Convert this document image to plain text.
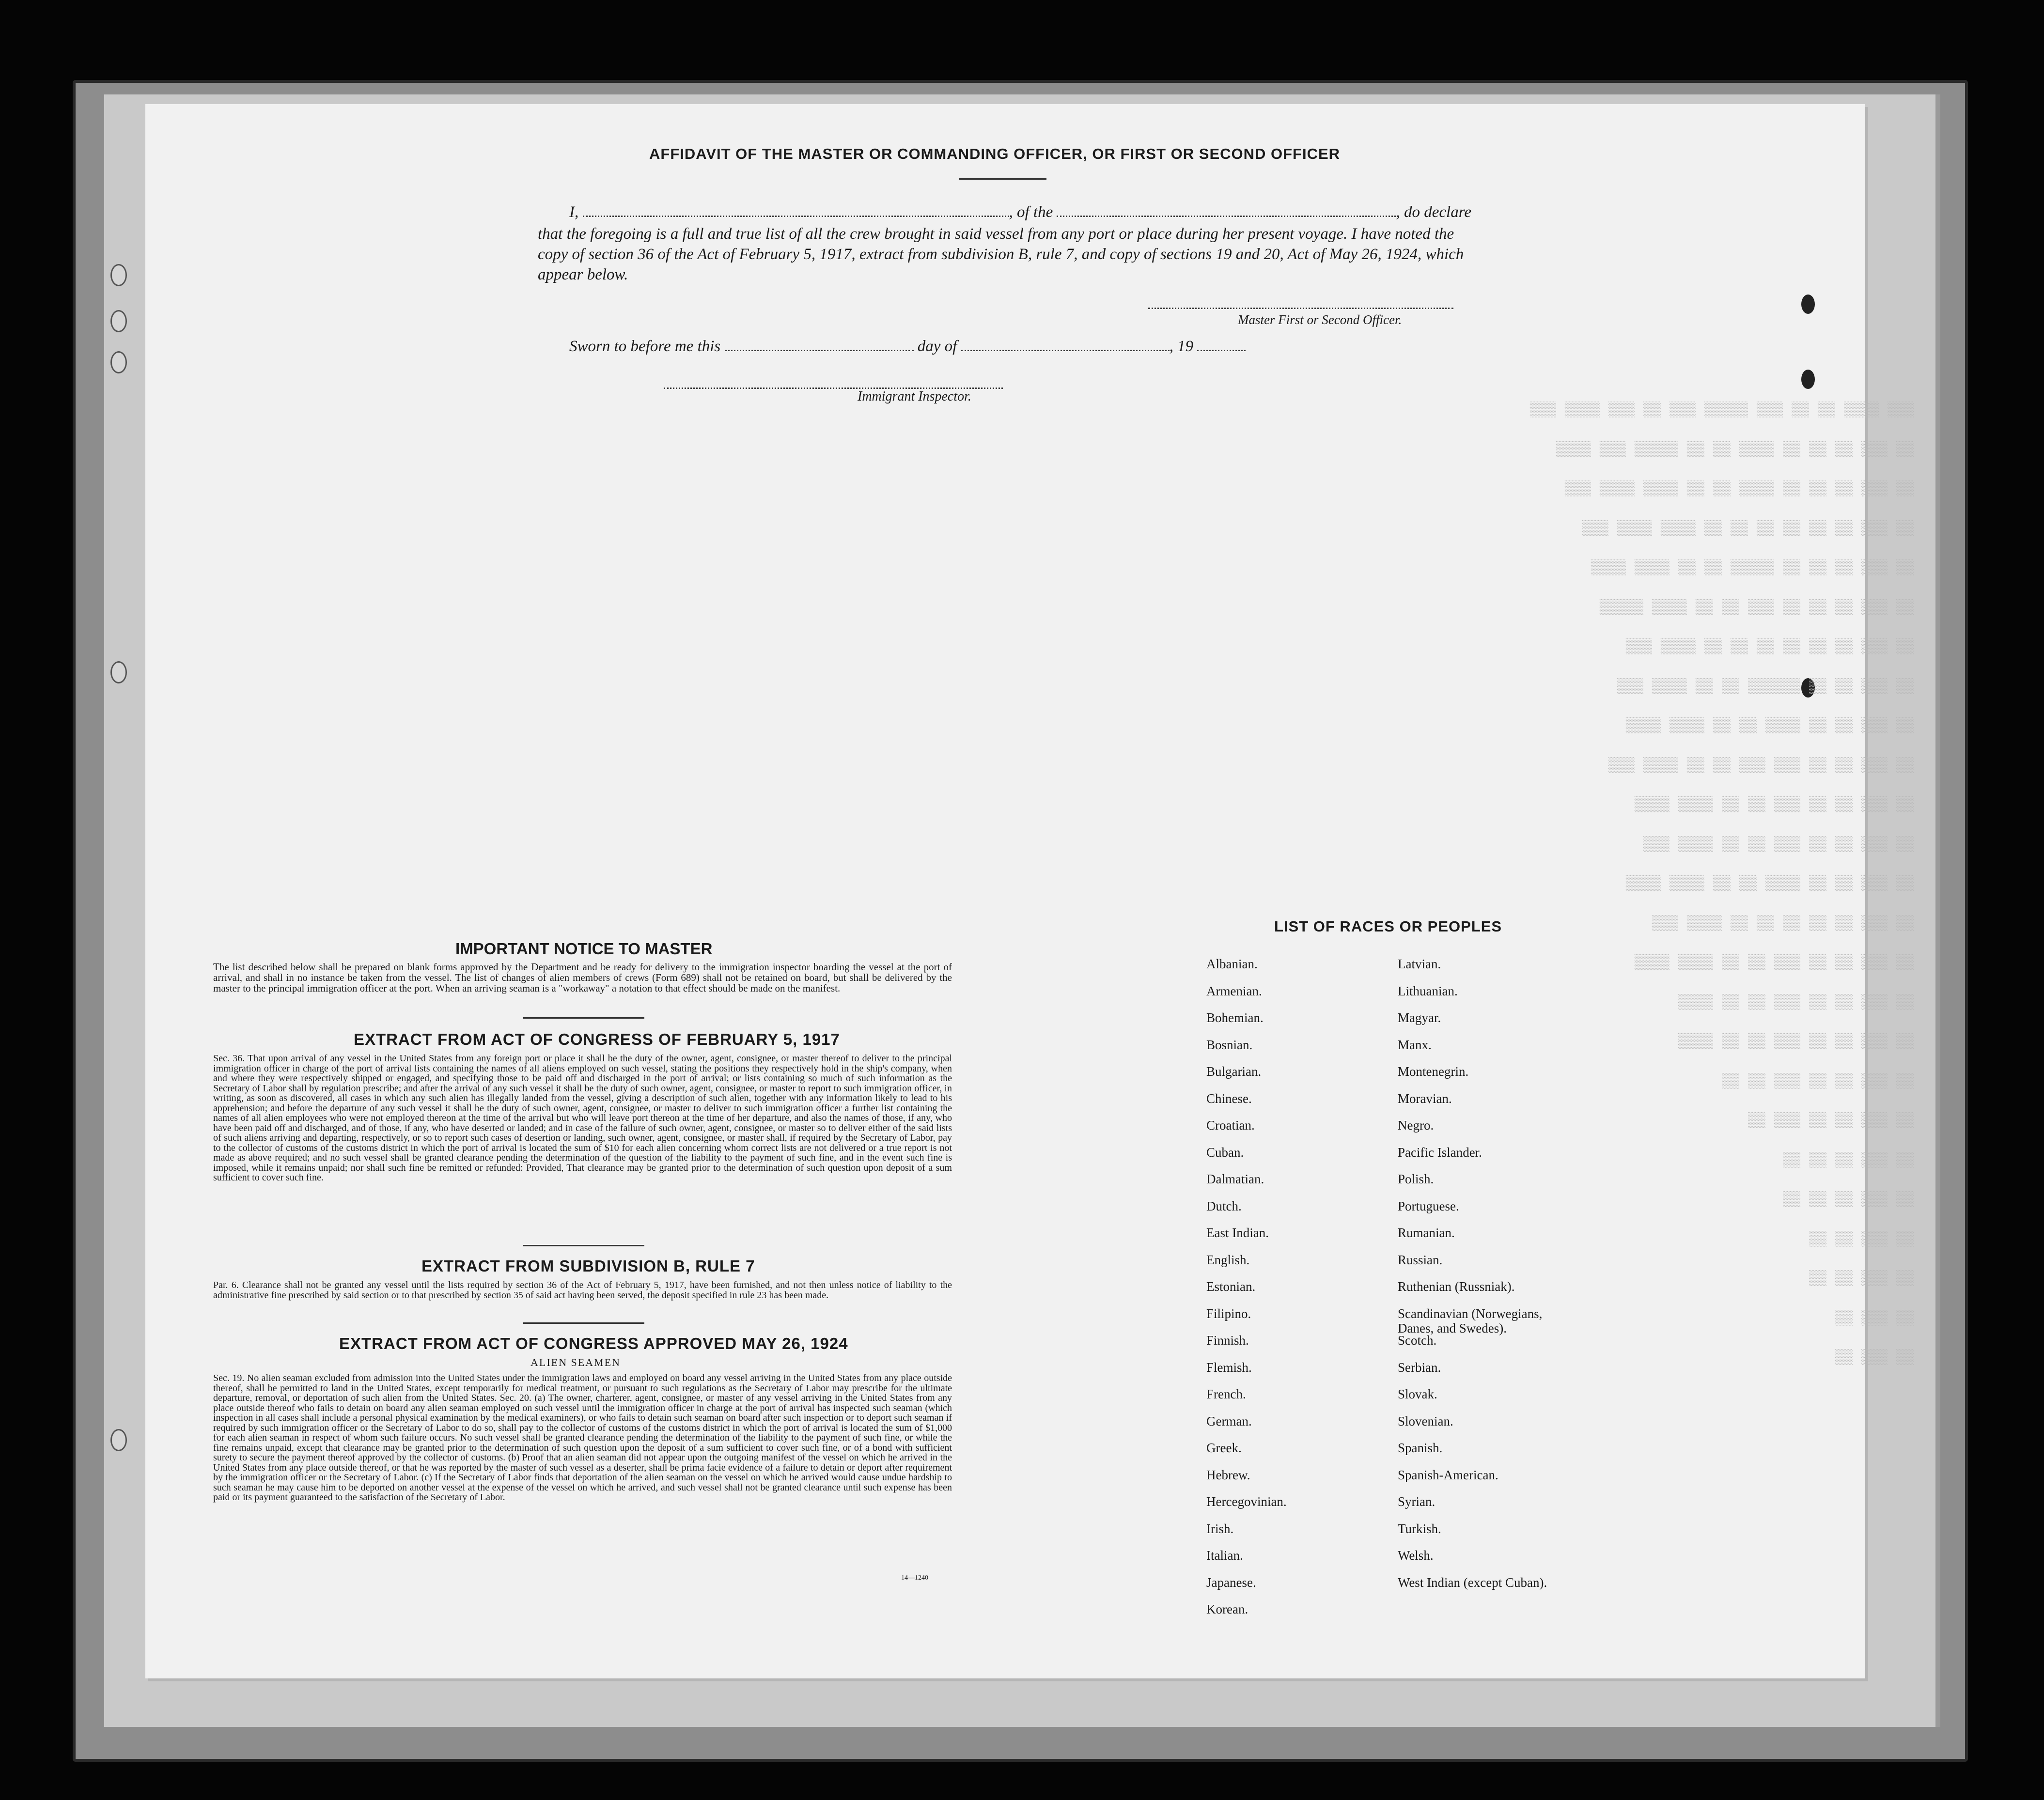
▒▒▒ ▒▒▒▒ ▒▒ ▒▒ ▒▒▒ ▒▒▒▒▒ ▒▒▒ ▒▒ ▒▒▒ ▒▒▒▒ ▒▒▒
▒▒ ▒▒▒ ▒▒ ▒▒ ▒▒ ▒▒▒▒ ▒▒ ▒▒ ▒▒▒▒▒ ▒▒▒ ▒▒▒▒
▒▒ ▒▒▒ ▒▒ ▒▒ ▒▒ ▒▒▒▒ ▒▒ ▒▒ ▒▒▒▒ ▒▒▒▒ ▒▒▒
▒▒ ▒▒▒ ▒▒ ▒▒ ▒▒ ▒▒ ▒▒ ▒▒ ▒▒▒▒ ▒▒▒▒ ▒▒▒
▒▒ ▒▒▒ ▒▒ ▒▒ ▒▒ ▒▒▒▒▒ ▒▒ ▒▒ ▒▒▒▒ ▒▒▒▒
▒▒ ▒▒▒ ▒▒ ▒▒ ▒▒ ▒▒▒ ▒▒ ▒▒ ▒▒▒▒ ▒▒▒▒▒
▒▒ ▒▒▒ ▒▒ ▒▒ ▒▒ ▒▒ ▒▒ ▒▒ ▒▒▒▒ ▒▒▒
▒▒ ▒▒▒ ▒▒ ▒▒ ▒▒▒▒▒▒ ▒▒ ▒▒ ▒▒▒▒ ▒▒▒
▒▒ ▒▒▒ ▒▒ ▒▒ ▒▒▒▒ ▒▒ ▒▒ ▒▒▒▒ ▒▒▒▒
▒▒ ▒▒▒ ▒▒ ▒▒ ▒▒▒ ▒▒▒ ▒▒ ▒▒ ▒▒▒▒ ▒▒▒
▒▒ ▒▒▒ ▒▒ ▒▒ ▒▒▒ ▒▒ ▒▒ ▒▒▒▒ ▒▒▒▒
▒▒ ▒▒▒ ▒▒ ▒▒ ▒▒▒ ▒▒ ▒▒ ▒▒▒▒ ▒▒▒
▒▒ ▒▒▒ ▒▒ ▒▒ ▒▒▒▒ ▒▒ ▒▒ ▒▒▒▒ ▒▒▒▒
▒▒ ▒▒▒ ▒▒ ▒▒ ▒▒ ▒▒ ▒▒ ▒▒▒▒ ▒▒▒
▒▒ ▒▒▒ ▒▒ ▒▒ ▒▒▒ ▒▒ ▒▒ ▒▒▒▒ ▒▒▒▒
▒▒ ▒▒▒ ▒▒ ▒▒ ▒▒▒ ▒▒ ▒▒ ▒▒▒▒
▒▒ ▒▒▒ ▒▒ ▒▒ ▒▒▒ ▒▒ ▒▒ ▒▒▒▒
▒▒ ▒▒▒ ▒▒ ▒▒ ▒▒▒ ▒▒ ▒▒
▒▒ ▒▒▒ ▒▒ ▒▒ ▒▒▒ ▒▒
▒▒ ▒▒▒ ▒▒ ▒▒ ▒▒
▒▒ ▒▒▒ ▒▒ ▒▒ ▒▒
▒▒ ▒▒▒ ▒▒ ▒▒
▒▒ ▒▒▒ ▒▒ ▒▒
▒▒ ▒▒▒ ▒▒
▒▒ ▒▒▒ ▒▒
AFFIDAVIT OF THE MASTER OR COMMANDING OFFICER, OR FIRST OR SECOND OFFICER
I,	, of the	, do declare
that the foregoing is a full and true list of all the crew brought in said vessel from any port or place during her present voyage. I have noted the copy of section 36 of the Act of February 5, 1917, extract from subdivision B, rule 7, and copy of sections 19 and 20, Act of May 26, 1924, which appear below.
Master First or Second Officer.
Sworn to before me this	day of	, 19
Immigrant Inspector.
IMPORTANT NOTICE TO MASTER
The list described below shall be prepared on blank forms approved by the Department and be ready for delivery to the immigration inspector boarding the vessel at the port of arrival, and shall in no instance be taken from the vessel. The list of changes of alien members of crews (Form 689) shall not be retained on board, but shall be delivered by the master to the principal immigration officer at the port. When an arriving seaman is a "workaway" a notation to that effect should be made on the manifest.
EXTRACT FROM ACT OF CONGRESS OF FEBRUARY 5, 1917
Sec. 36. That upon arrival of any vessel in the United States from any foreign port or place it shall be the duty of the owner, agent, consignee, or master thereof to deliver to the principal immigration officer in charge of the port of arrival lists containing the names of all aliens employed on such vessel, stating the positions they respectively hold in the ship's company, when and where they were respectively shipped or engaged, and specifying those to be paid off and discharged in the port of arrival; or lists containing so much of such information as the Secretary of Labor shall by regulation prescribe; and after the arrival of any such vessel it shall be the duty of such owner, agent, consignee, or master to report to such immigration officer, in writing, as soon as discovered, all cases in which any such alien has illegally landed from the vessel, giving a description of such alien, together with any information likely to lead to his apprehension; and before the departure of any such vessel it shall be the duty of such owner, agent, consignee, or master to deliver to such immigration officer a further list containing the names of all alien employees who were not employed thereon at the time of the arrival but who will leave port thereon at the time of her departure, and also the names of those, if any, who have been paid off and discharged, and of those, if any, who have deserted or landed; and in case of the failure of such owner, agent, consignee, or master so to deliver either of the said lists of such aliens arriving and departing, respectively, or so to report such cases of desertion or landing, such owner, agent, consignee, or master shall, if required by the Secretary of Labor, pay to the collector of customs of the customs district in which the port of arrival is located the sum of $10 for each alien concerning whom correct lists are not delivered or a true report is not made as above required; and no such vessel shall be granted clearance pending the determination of the question of the liability to the payment of such fine, and in the event such fine is imposed, while it remains unpaid; nor shall such fine be remitted or refunded: Provided, That clearance may be granted prior to the determination of such question upon deposit of a sum sufficient to cover such fine.
EXTRACT FROM SUBDIVISION B, RULE 7
Par. 6. Clearance shall not be granted any vessel until the lists required by section 36 of the Act of February 5, 1917, have been furnished, and not then unless notice of liability to the administrative fine prescribed by said section or to that prescribed by section 35 of said act having been served, the deposit specified in rule 23 has been made.
EXTRACT FROM ACT OF CONGRESS APPROVED MAY 26, 1924
ALIEN SEAMEN
Sec. 19. No alien seaman excluded from admission into the United States under the immigration laws and employed on board any vessel arriving in the United States from any place outside thereof, shall be permitted to land in the United States, except temporarily for medical treatment, or pursuant to such regulations as the Secretary of Labor may prescribe for the ultimate departure, removal, or deportation of such alien from the United States. Sec. 20. (a) The owner, charterer, agent, consignee, or master of any vessel arriving in the United States from any place outside thereof who fails to detain on board any alien seaman employed on such vessel until the immigration officer in charge at the port of arrival has inspected such seaman (which inspection in all cases shall include a personal physical examination by the medical examiners), or who fails to detain such seaman on board after such inspection or to deport such seaman if required by such immigration officer or the Secretary of Labor to do so, shall pay to the collector of customs of the customs district in which the port of arrival is located the sum of $1,000 for each alien seaman in respect of whom such failure occurs. No such vessel shall be granted clearance pending the determination of the liability to the payment of such fine, or while the fine remains unpaid, except that clearance may be granted prior to the determination of such question upon the deposit of a sum sufficient to cover such fine, or of a bond with sufficient surety to secure the payment thereof approved by the collector of customs. (b) Proof that an alien seaman did not appear upon the outgoing manifest of the vessel on which he arrived in the United States from any place outside thereof, or that he was reported by the master of such vessel as a deserter, shall be prima facie evidence of a failure to detain or deport after requirement by the immigration officer or the Secretary of Labor. (c) If the Secretary of Labor finds that deportation of the alien seaman on the vessel on which he arrived would cause undue hardship to such seaman he may cause him to be deported on another vessel at the expense of the vessel on which he arrived, and such vessel shall not be granted clearance until such expense has been paid or its payment guaranteed to the satisfaction of the Secretary of Labor.
14—1240
LIST OF RACES OR PEOPLES
Albanian.
Armenian.
Bohemian.
Bosnian.
Bulgarian.
Chinese.
Croatian.
Cuban.
Dalmatian.
Dutch.
East Indian.
English.
Estonian.
Filipino.
Finnish.
Flemish.
French.
German.
Greek.
Hebrew.
Hercegovinian.
Irish.
Italian.
Japanese.
Korean.
Latvian.
Lithuanian.
Magyar.
Manx.
Montenegrin.
Moravian.
Negro.
Pacific Islander.
Polish.
Portuguese.
Rumanian.
Russian.
Ruthenian (Russniak).
Scandinavian (Norwegians,
Danes, and Swedes).
Scotch.
Serbian.
Slovak.
Slovenian.
Spanish.
Spanish-American.
Syrian.
Turkish.
Welsh.
West Indian (except Cuban).
